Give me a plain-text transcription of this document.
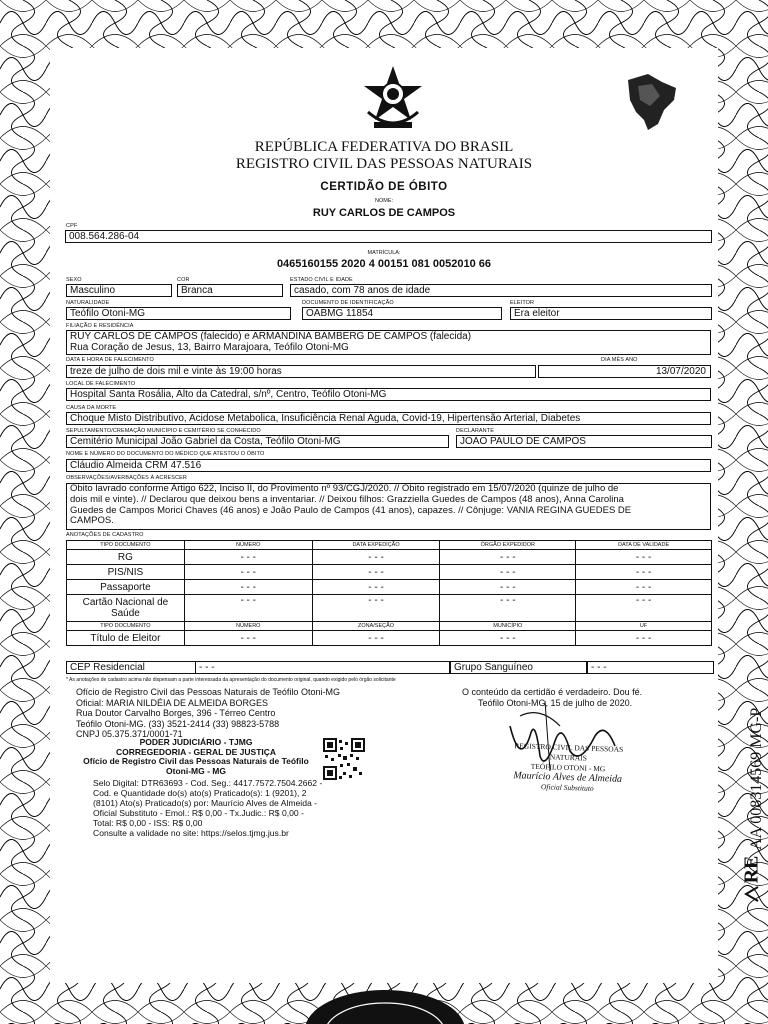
REPÚBLICA FEDERATIVA DO BRASIL
REGISTRO CIVIL DAS PESSOAS NATURAIS
CERTIDÃO DE ÓBITO
NOME:
RUY CARLOS DE CAMPOS
CPF
008.564.286-04
MATRÍCULA:
0465160155 2020 4 00151 081 0052010 66
SEXO
Masculino
COR
Branca
ESTADO CIVIL E IDADE
casado, com 78 anos de idade
NATURALIDADE
Teófilo Otoni-MG
DOCUMENTO DE IDENTIFICAÇÃO
OABMG 11854
ELEITOR
Era eleitor
FILIAÇÃO E RESIDÊNCIA
RUY CARLOS DE CAMPOS (falecido) e ARMANDINA BAMBERG DE CAMPOS (falecida)
Rua Coração de Jesus, 13, Bairro Marajoara, Teófilo Otoni-MG
DATA E HORA DE FALECIMENTO	DIA MÊS ANO
treze de julho de dois mil e vinte às 19:00 horas	13/07/2020
LOCAL DE FALECIMENTO
Hospital Santa Rosália, Alto da Catedral, s/nº, Centro, Teófilo Otoni-MG
CAUSA DA MORTE
Choque Misto Distributivo, Acidose Metabolica, Insuficiência Renal Aguda, Covid-19, Hipertensão Arterial, Diabetes
SEPULTAMENTO/CREMAÇÃO MUNICÍPIO E CEMITÉRIO SE CONHECIDO
Cemitério Municipal João Gabriel da Costa, Teófilo Otoni-MG
DECLARANTE
JOÃO PAULO DE CAMPOS
NOME E NÚMERO DO DOCUMENTO DO MÉDICO QUE ATESTOU O ÓBITO
Cláudio Almeida CRM 47.516
OBSERVAÇÕES/AVERBAÇÕES À ACRESCER
Óbito lavrado conforme Artigo 622, Inciso II, do Provimento nº 93/CGJ/2020. // Óbito registrado em 15/07/2020 (quinze de julho de
dois mil e vinte). // Declarou que deixou bens a inventariar. // Deixou filhos: Grazziella Guedes de Campos (48 anos), Anna Carolina
Guedes de Campos Morici Chaves (46 anos) e João Paulo de Campos (41 anos), capazes. // Cônjuge: VANIA REGINA GUEDES DE
CAMPOS.
ANOTAÇÕES DE CADASTRO
TIPO DOCUMENTO	NÚMERO	DATA EXPEDIÇÃO	ÓRGÃO EXPEDIDOR	DATA DE VALIDADE
RG	- - -	- - -	- - -	- - -
PIS/NIS	- - -	- - -	- - -	- - -
Passaporte	- - -	- - -	- - -	- - -
Cartão Nacional de Saúde	- - -	- - -	- - -	- - -
TIPO DOCUMENTO	NÚMERO	ZONA/SEÇÃO	MUNICÍPIO	UF
Título de Eleitor	- - -	- - -	- - -	- - -
CEP Residencial	- - -	Grupo Sanguíneo	- - -
* As anotações de cadastro acima não dispensam a parte interessada da apresentação do documento original, quando exigido pelo órgão solicitante
Ofício de Registro Civil das Pessoas Naturais de Teófilo Otoni-MG
Oficial: MARIA NILDÉIA DE ALMEIDA BORGES
Rua Doutor Carvalho Borges, 396 - Térreo Centro
Teófilo Otoni-MG. (33) 3521-2414 (33) 98823-5788
CNPJ 05.375.371/0001-71
O conteúdo da certidão é verdadeiro. Dou fé.
Teófilo Otoni-MG, 15 de julho de 2020.
PODER JUDICIÁRIO - TJMG
CORREGEDORIA - GERAL DE JUSTIÇA
Ofício de Registro Civil das Pessoas Naturais de Teófilo
Otoni-MG - MG
Selo Digital: DTR63693 - Cod. Seg.: 4417.7572.7504.2662 -
Cod. e Quantidade do(s) ato(s) Praticado(s): 1 (9201), 2
(8101) Ato(s) Praticado(s) por: Maurício Alves de Almeida -
Oficial Substituto - Emol.: R$ 0,00 - Tx.Judic.: R$ 0,00 -
Total: R$ 0,00 - ISS: R$ 0,00
Consulte a validade no site: https://selos.tjmg.jus.br
REGISTRO CIVIL DAS PESSOAS NATURAIS
TEÓFILO OTONI - MG
Maurício Alves de Almeida
Oficial Substituto	AA 008314569 MG-P
RE
